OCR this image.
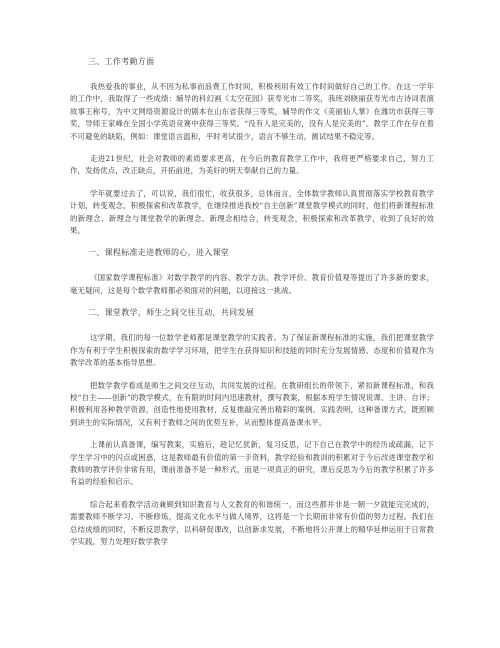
三、工作考勤方面

我热爱我的事业，从不因为私事而浪费工作时间，积极利用有效工作时间做好自己的工作。在这一学年的工作中，我取得了一些成绩：辅导的科幻画《太空花园》获寿光市二等奖，我班刘晓丽获寿光市古诗词表演故事王称号，为中文网络资源设计的剧本在山东省获得三等奖，辅导的作文《美丽仙人掌》在潍坊市获得三等奖，导师王家峰在全国小学英语竞赛中获得三等奖。“没有人是完美的，没有人是完美的”。教学工作在存在着不可避免的缺陷，例如：课堂语言温和，平时考试很少，语言不够生动，测试结果不稳定等。

走进21世纪，社会对教师的素质要求更高，在今后的教育教学工作中，我将更严格要求自己，努力工作，发扬优点，改正缺点，开拓前进，为美好的明天奉献自己的力量。

学年就要过去了，可以说，我们很忙，收获很多，总体而言，全体数学教师认真贯彻落实学校教育教学计划，转变观念，积极探索和改革教学，在继续推进我校“自主创新”课堂教学模式的同时，他们将新课程标准的新理念、新理念与课堂教学的新理念、新理念相结合，转变观念，积极探索和改革教学，收到了良好的效果。

一、课程标准走进教师的心，进入课堂

《国家数学课程标准》对数学教学的内容、教学方法、教学评价、教育价值观等提出了许多新的要求，毫无疑问，这是每个数学教师都必须面对的问题，以迎接这一挑战。

二、课堂教学，师生之间交往互动，共同发展

这学期，我们的每一位数学老师都是课堂教学的实践者。为了保证新课程标准的实施，我们把课堂教学作为有利于学生积极探索的数学学习环境，把学生在获得知识和技能的同时充分发展情感、态度和价值观作为教学改革的基本指导思想。

把数学教学看成是师生之间交往互动，共同发展的过程。在教研组长的带领下，紧扣新课程标准，和我校“自主——创新”的教学模式，在有限的时间内迅速教材，撰写教案，根据本班学生情况说课、主讲、自评；积极利用各种教学资源，创造性地使用教材，反复推敲完善出精彩的案例、实践表明，这种备课方式，既照顾到讲生的实际情况，又有利于教师之间的优势互补，从而整体提高备课水平。

上课前认真备课，编写教案，实施后，趁记忆犹新，复习反思，记下自己在教学中的经历或疏漏，记下学生学习中的闪点或困惑，这是教师最有价值的第一手资料，教学经验和教训的积累对于今后改进课堂教学和教师的教学评价非常有用，课前准备不是一种形式，而是一项真正的研究，课后反思为今后的教学积累了许多有益的经验和启示。

综合起来看教学活动兼顾到知识教育与人文教育的和谐统一，而这些都并非是一朝一夕就能完完成的，需要教师不断学习、不断修炼，提高文化水平与做人境界，这将是一个长期而非常有价值的努力过程。我们在总结成绩的同时，不断反思教学，以科研促课改，以创新求发展，不断地将公开课上的精华延伸运用于日常教学实践，努力处理好数学教学
